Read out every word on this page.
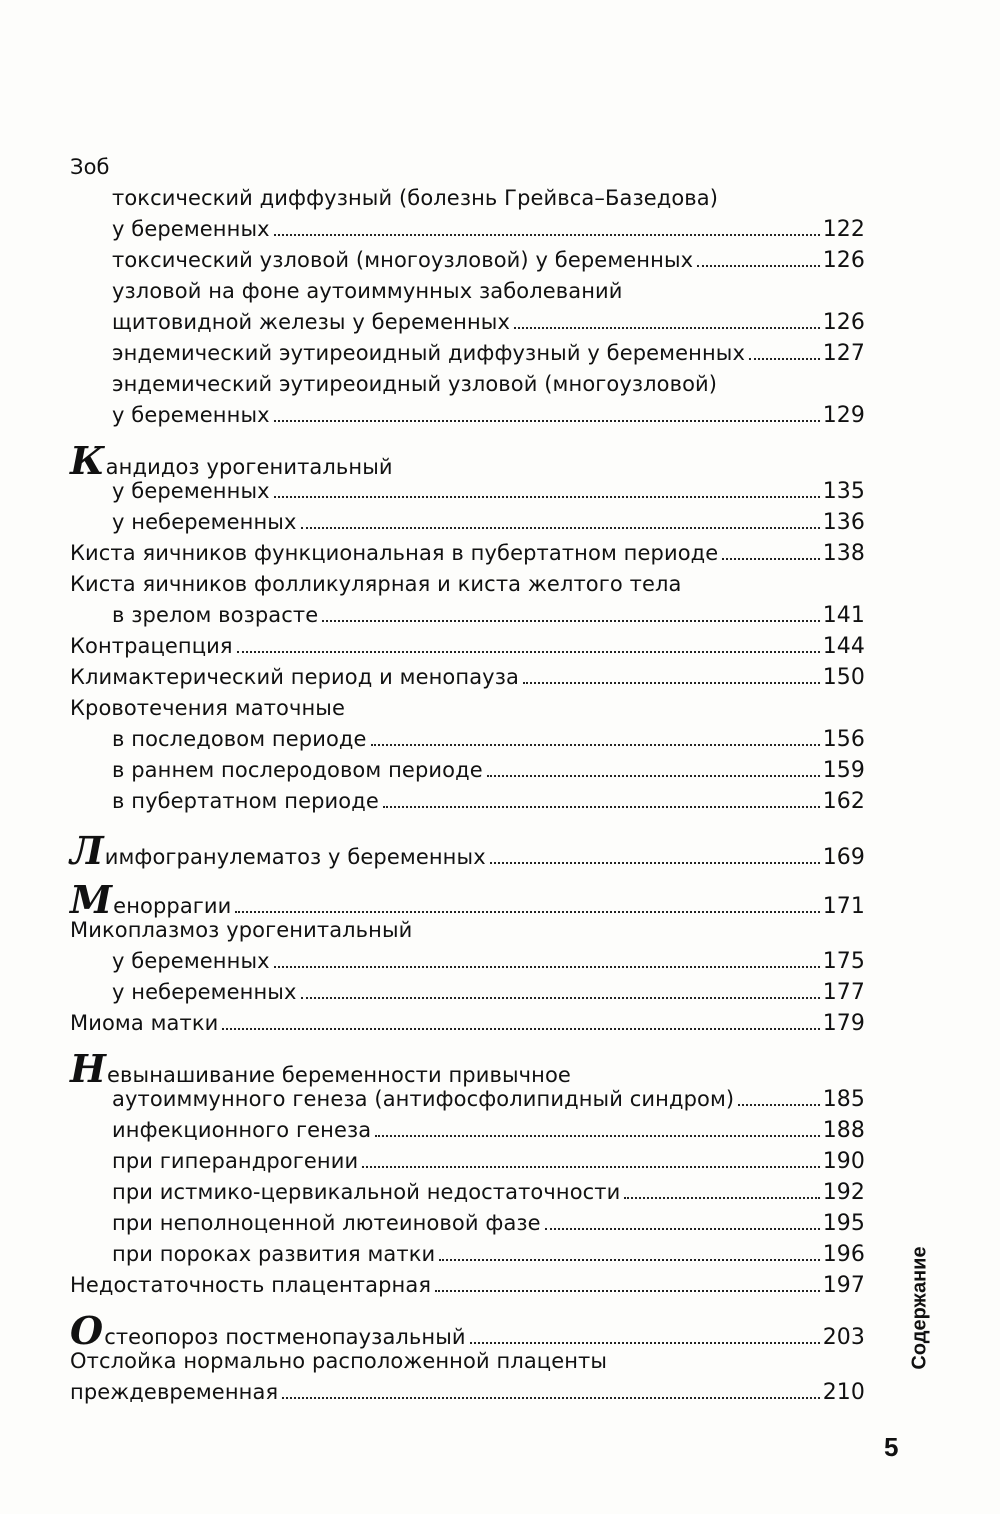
Зоб
токсический диффузный (болезнь Грейвса–Базедова)
у беременных	122
токсический узловой (многоузловой) у беременных	126
узловой на фоне аутоиммунных заболеваний
щитовидной железы у беременных	126
эндемический эутиреоидный диффузный у беременных	127
эндемический эутиреоидный узловой (многоузловой)
у беременных	129
Кандидоз урогенитальный
у беременных	135
у небеременных	136
Киста яичников функциональная в пубертатном периоде	138
Киста яичников фолликулярная и киста желтого тела
в зрелом возрасте	141
Контрацепция	144
Климактерический период и менопауза	150
Кровотечения маточные
в последовом периоде	156
в раннем послеродовом периоде	159
в пубертатном периоде	162
Лимфогранулематоз у беременных	169
Меноррагии	171
Микоплазмоз урогенитальный
у беременных	175
у небеременных	177
Миома матки	179
Невынашивание беременности привычное
аутоиммунного генеза (антифосфолипидный синдром)	185
инфекционного генеза	188
при гиперандрогении	190
при истмико-цервикальной недостаточности	192
при неполноценной лютеиновой фазе	195
при пороках развития матки	196
Недостаточность плацентарная	197
Остеопороз постменопаузальный	203
Отслойка нормально расположенной плаценты
преждевременная	210
Содержание
5
